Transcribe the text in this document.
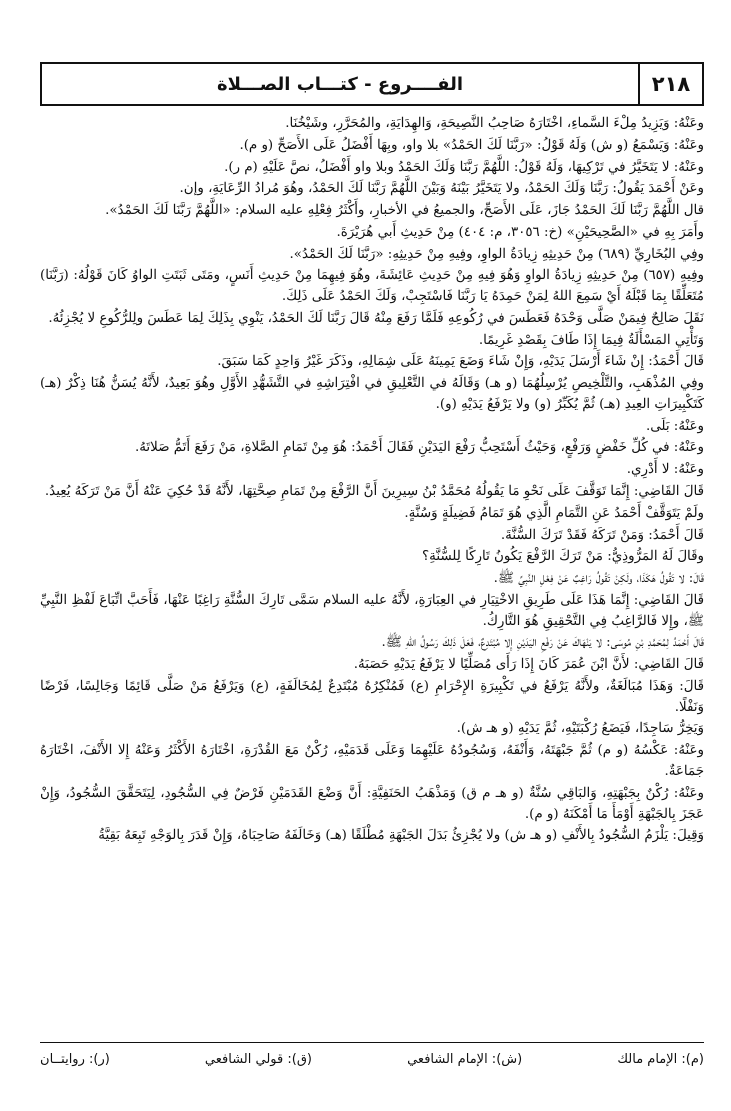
٢١٨
الفــــروع - كتـــاب الصـــلاة

وعَنْهُ: وَيَزِيدُ مِلْءَ السَّماءِ، اخْتَارَهُ صَاحِبُ النَّصِيحَةِ، وَالهِدَايَةِ، والمُحَرَّرِ، وشَيْخُنَا.

وعَنْهُ: وَيَسْمَعُ (و ش) وَلَهُ قَوْلُ: «رَبَّنَا لَكَ الحَمْدُ» بلا واو، وبِهَا أَفْضَلُ عَلَى الأَصَحِّ (و م).

وعَنْهُ: لا يَتَخَيَّرُ في تَرْكِيهَا، وَلَهُ قَوْلُ: اللَّهُمَّ رَبَّنَا وَلَكَ الحَمْدُ وبلا واو أَفْضَلُ، نصَّ عَلَيْهِ (م ر).

وعَنْ أَحْمَدَ يَقُولُ: رَبَّنَا وَلَكَ الحَمْدُ، ولا يَتَخَيَّرُ بَيْنَهُ وَبَيْنَ اللَّهُمَّ رَبَّنَا لَكَ الحَمْدُ، وهُوَ مُرادُ الرِّعَايَةِ، وإن.

قال اللَّهُمَّ رَبَّنَا لَكَ الحَمْدُ جَازَ، عَلَى الأَصَحِّ، والجميعُ في الأخبارِ، وأَكْثَرُ فِعْلِهِ عليه السلام: «اللَّهُمَّ رَبَّنَا لَكَ الحَمْدُ».

وأَمَرَ بِهِ في «الصَّحِيحَيْنِ» (خ: ٣٠٥٦، م: ٤٠٤) مِنْ حَدِيثِ أَبي هُرَيْرَةَ.

وفِي البُخَارِيِّ (٦٨٩) مِنْ حَدِيثِهِ زِيادَةُ الواوِ، وفِيهِ مِنْ حَدِيثِهِ: «رَبَّنَا لَكَ الحَمْدُ».

وفِيهِ (٦٥٧) مِنْ حَدِيثِهِ زِيادَةُ الواوِ وَهُوَ فِيهِ مِنْ حَدِيثِ عَائِشَةَ، وهُوَ فِيهِمَا مِنْ حَدِيثِ أَنَسٍ، ومَتَى ثَبَتَتِ الواوُ كَانَ قَوْلُهُ: (رَبَّنَا) مُتَعَلِّقًا بِمَا قَبْلَهُ أَيْ سَمِعَ اللهُ لِمَنْ حَمِدَهُ يَا رَبَّنَا فَاسْتَجِبْ، وَلَكَ الحَمْدُ عَلَى ذَلِكَ.

نَقَلَ صَالِحٌ فِيمَنْ صَلَّى وَحْدَهُ فَعَطَسَ في رُكُوعِهِ فَلَمَّا رَفَعَ مِنْهُ قَالَ رَبَّنَا لَكَ الحَمْدُ، يَنْوِي بِذَلِكَ لِمَا عَطَسَ ولِلرُّكُوعِ لا يُجْزِئُهُ.

وَتَأْتِي المَسْأَلَةُ فِيمَا إِذَا طَافَ بِقَصْدِ غَرِيمًا.

قَالَ أَحْمَدُ: إِنْ شَاءَ أَرْسَلَ يَدَيْهِ، وَإِنْ شَاءَ وَضَعَ يَمِينَهُ عَلَى شِمَالِهِ، وذَكَرَ غَيْرُ وَاحِدٍ كَمَا سَبَقَ.

وفِي المُذْهَبِ، والتَّلْخِيصِ يُرْسِلُهُمَا (و هـ) وَقَالَهُ في التَّعْلِيقِ في افْتِرَاشِهِ في التَّشَهُّدِ الأَوَّلِ وهُوَ بَعِيدٌ، لأَنَّهُ يُسَنُّ هُنَا ذِكْرٌ (هـ) كَتَكْبِيرَاتِ العِيدِ (هـ) ثُمَّ يُكَبِّرُ (و) ولا يَرْفَعُ يَدَيْهِ (و).

وعَنْهُ: بَلَى.

وعَنْهُ: في كُلِّ خَفْضٍ وَرَفْعٍ، وَحَيْثُ أَسْتَحِبُّ رَفْعَ اليَدَيْنِ فَقَالَ أَحْمَدُ: هُوَ مِنْ تَمَامِ الصَّلاةِ، مَنْ رَفَعَ أَتَمُّ صَلاتَهُ.

وعَنْهُ: لا أَدْرِي.

قَالَ القَاضِي: إِنَّمَا تَوَقَّفَ عَلَى نَحْوِ مَا يَقُولُهُ مُحَمَّدُ بْنُ سِيرِينَ أَنَّ الرَّفْعَ مِنْ تَمَامِ صِحَّتِهَا، لأَنَّهُ قَدْ حُكِيَ عَنْهُ أَنَّ مَنْ تَرَكَهُ يُعِيدُ.

ولَمْ يَتَوَقَّفْ أَحْمَدُ عَنِ التَّمَامِ الَّذِي هُوَ تَمَامُ فَضِيلَةٍ وَسُنَّةٍ.

قَالَ أَحْمَدُ: وَمَنْ تَرَكَهُ فَقَدْ تَرَكَ السُّنَّةَ.

وقَالَ لَهُ المَرُّوذِيُّ: مَنْ تَرَكَ الرَّفْعَ يَكُونُ تَارِكًا لِلسُّنَّةِ؟

قَالَ: لا تَقُولُ هَكَذَا، ولَكِنْ تَقُولُ رَاغِبٌ عَنْ فِعْلِ النَّبِيِّ ﷺ.

قَالَ القَاضِي: إِنَّمَا هَذَا عَلَى طَرِيقِ الاخْتِيَارِ في العِبَارَةِ، لأَنَّهُ عليه السلام سَمَّى تَارِكَ السُّنَّةِ رَاغِبًا عَنْهَا، فَأَحَبَّ اتِّبَاعَ لَفْظِ النَّبِيِّ ﷺ، وإِلا فَالرَّاغِبُ فِي التَّحْقِيقِ هُوَ التَّارِكُ.

قَالَ أَحْمَدُ لِمُحَمَّدِ بْنِ مُوسَى: لا يَنْهَاكَ عَنْ رَفْعِ اليَدَيْنِ إِلا مُبْتَدِعٌ، فَعَلَ ذَلِكَ رَسُولُ اللهِ ﷺ.

قَالَ القَاضِي: لأَنَّ ابْنَ عُمَرَ كَانَ إِذَا رَأَى مُصَلِّيًا لا يَرْفَعُ يَدَيْهِ حَصَبَهُ.

قَالَ: وَهَذَا مُبَالَغَةٌ، ولأَنَّهُ يَرْفَعُ في تَكْبِيرَةِ الإِحْرَامِ (ع) فَمُنْكِرُهُ مُبْتَدِعٌ لِمُخَالَفَةٍ، (ع) وَيَرْفَعُ مَنْ صَلَّى قَائِمًا وَجَالِسًا، فَرْضًا وَنَفْلًا.

وَيَخِرُّ سَاجِدًا، فَيَضَعُ رُكْبَتَيْهِ، ثُمَّ يَدَيْهِ (و هـ ش).

وعَنْهُ: عَكْسُهُ (و م) ثُمَّ جَبْهَتَهُ، وَأَنْفَهُ، وَسُجُودُهُ عَلَيْهِمَا وَعَلَى قَدَمَيْهِ، رُكْنٌ مَعَ القُدْرَةِ، اخْتَارَهُ الأَكْثَرُ وَعَنْهُ إِلا الأَنْفَ، اخْتَارَهُ جَمَاعَةٌ.

وعَنْهُ: رُكْنٌ بِجَبْهَتِهِ، وَالبَاقِي سُنَّةٌ (و هـ م ق) وَمَذْهَبُ الحَنَفِيَّةِ: أَنَّ وَضْعَ القَدَمَيْنِ فَرْضٌ فِي السُّجُودِ، لِيَتَحَقَّقَ السُّجُودُ، وَإِنْ عَجَزَ بِالجَبْهَةِ أَوْمَأَ مَا أَمْكَنَهُ (و م).

وَقِيلَ: يَلْزَمُ السُّجُودُ بِالأَنْفِ (و هـ ش) ولا يُجْزِئُ بَدَلَ الجَبْهَةِ مُطْلَقًا (هـ) وَخَالَفَهُ صَاحِبَاهُ، وَإِنْ قَدَرَ بِالوَجْهِ تَبِعَهُ بَقِيَّةُ

(م): الإمام مالك
(ش): الإمام الشافعي
(ق): قولي الشافعي
(ر): روايتــان
